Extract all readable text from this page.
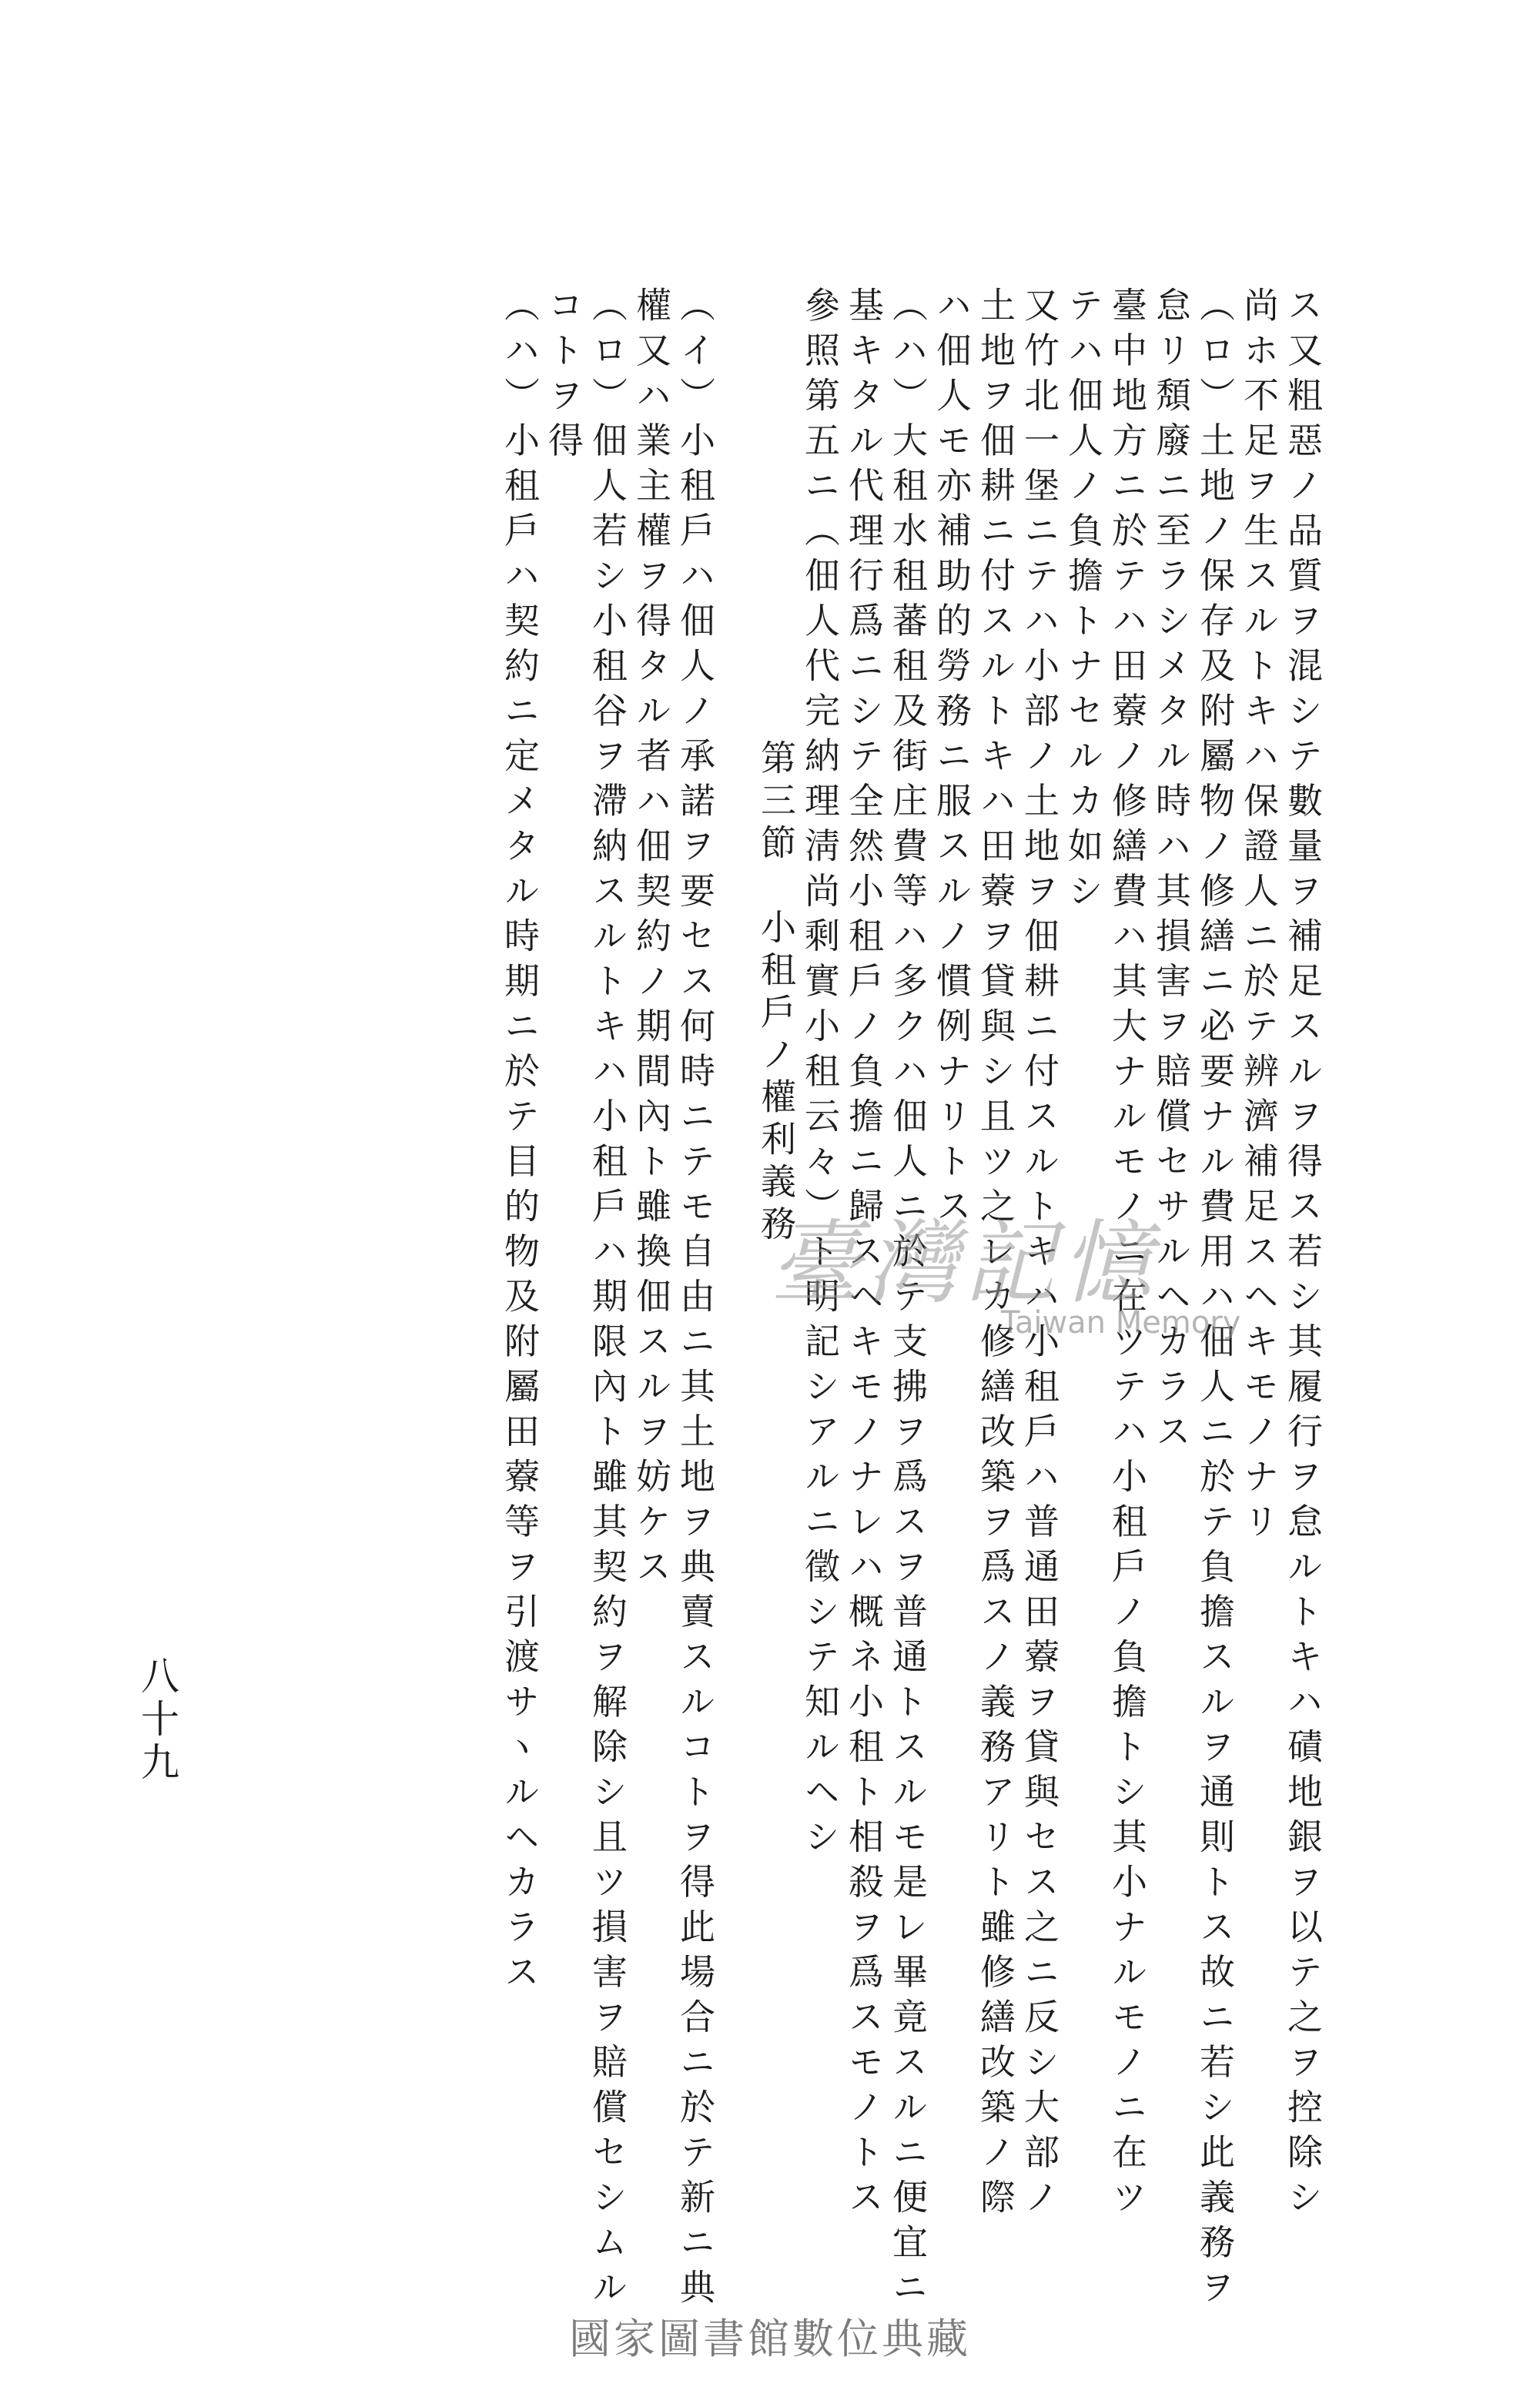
ス又粗惡ノ品質ヲ混シテ數量ヲ補足スルヲ得ス若シ其履行ヲ怠ルトキハ磧地銀ヲ以テ之ヲ控除シ
尚ホ不足ヲ生スルトキハ保證人ニ於テ辨濟補足スヘキモノナリ
（ロ）土地ノ保存及附屬物ノ修繕ニ必要ナル費用ハ佃人ニ於テ負擔スルヲ通則トス故ニ若シ此義務ヲ
怠リ頽廢ニ至ラシメタル時ハ其損害ヲ賠償セサルヘカラス
臺中地方ニ於テハ田藔ノ修繕費ハ其大ナルモノニ在ツテハ小租戶ノ負擔トシ其小ナルモノニ在ツ
テハ佃人ノ負擔トナセルカ如シ
又竹北一堡ニテハ小部ノ土地ヲ佃耕ニ付スルトキハ小租戶ハ普通田藔ヲ貸與セス之ニ反シ大部ノ
土地ヲ佃耕ニ付スルトキハ田藔ヲ貸與シ且ツ之レカ修繕改築ヲ爲スノ義務アリト雖修繕改築ノ際
ハ佃人モ亦補助的勞務ニ服スルノ慣例ナリトス
（ハ）大租水租蕃租及街庄費等ハ多クハ佃人ニ於テ支拂ヲ爲スヲ普通トスルモ是レ畢竟スルニ便宜ニ
基キタル代理行爲ニシテ全然小租戶ノ負擔ニ歸スヘキモノナレハ概ネ小租ト相殺ヲ爲スモノトス
參照第五ニ（佃人代完納理淸尚剩實小租云々）ト明記シアルニ徵シテ知ルヘシ
第三節　小租戶ノ權利義務
（イ）小租戶ハ佃人ノ承諾ヲ要セス何時ニテモ自由ニ其土地ヲ典賣スルコトヲ得此場合ニ於テ新ニ典
權又ハ業主權ヲ得タル者ハ佃契約ノ期間內ト雖換佃スルヲ妨ケス
（ロ）佃人若シ小租谷ヲ滯納スルトキハ小租戶ハ期限內ト雖其契約ヲ解除シ且ツ損害ヲ賠償セシムル
コトヲ得
（ハ）小租戶ハ契約ニ定メタル時期ニ於テ目的物及附屬田藔等ヲ引渡サヽルヘカラス
八十九
臺灣記憶
Taiwan Memory
國家圖書館數位典藏
